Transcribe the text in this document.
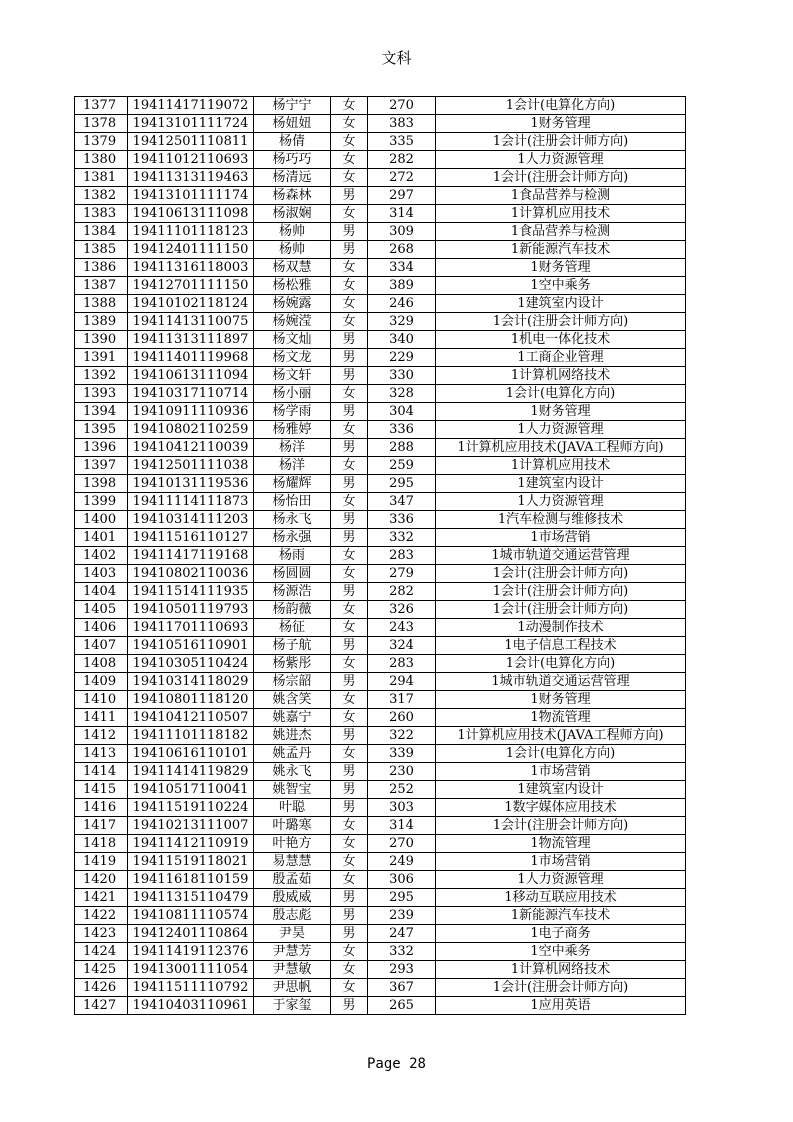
文科
1377	19411417119072	杨宁宁	女	270	1会计(电算化方向)
1378	19413101111724	杨妞妞	女	383	1财务管理
1379	19412501110811	杨倩	女	335	1会计(注册会计师方向)
1380	19411012110693	杨巧巧	女	282	1人力资源管理
1381	19411313119463	杨清远	女	272	1会计(注册会计师方向)
1382	19413101111174	杨森林	男	297	1食品营养与检测
1383	19410613111098	杨淑娴	女	314	1计算机应用技术
1384	19411101118123	杨帅	男	309	1食品营养与检测
1385	19412401111150	杨帅	男	268	1新能源汽车技术
1386	19411316118003	杨双慧	女	334	1财务管理
1387	19412701111150	杨松雅	女	389	1空中乘务
1388	19410102118124	杨婉露	女	246	1建筑室内设计
1389	19411413110075	杨婉滢	女	329	1会计(注册会计师方向)
1390	19411313111897	杨文灿	男	340	1机电一体化技术
1391	19411401119968	杨文龙	男	229	1工商企业管理
1392	19410613111094	杨文轩	男	330	1计算机网络技术
1393	19410317110714	杨小丽	女	328	1会计(电算化方向)
1394	19410911110936	杨学雨	男	304	1财务管理
1395	19410802110259	杨雅婷	女	336	1人力资源管理
1396	19410412110039	杨洋	男	288	1计算机应用技术(JAVA工程师方向)
1397	19412501111038	杨洋	女	259	1计算机应用技术
1398	19410131119536	杨耀辉	男	295	1建筑室内设计
1399	19411114111873	杨怡田	女	347	1人力资源管理
1400	19410314111203	杨永飞	男	336	1汽车检测与维修技术
1401	19411516110127	杨永强	男	332	1市场营销
1402	19411417119168	杨雨	女	283	1城市轨道交通运营管理
1403	19410802110036	杨圆圆	女	279	1会计(注册会计师方向)
1404	19411514111935	杨源浩	男	282	1会计(注册会计师方向)
1405	19410501119793	杨韵薇	女	326	1会计(注册会计师方向)
1406	19411701110693	杨征	女	243	1动漫制作技术
1407	19410516110901	杨子航	男	324	1电子信息工程技术
1408	19410305110424	杨紫彤	女	283	1会计(电算化方向)
1409	19410314118029	杨宗韶	男	294	1城市轨道交通运营管理
1410	19410801118120	姚含笑	女	317	1财务管理
1411	19410412110507	姚嘉宁	女	260	1物流管理
1412	19411101118182	姚进杰	男	322	1计算机应用技术(JAVA工程师方向)
1413	19410616110101	姚孟丹	女	339	1会计(电算化方向)
1414	19411414119829	姚永飞	男	230	1市场营销
1415	19410517110041	姚智宝	男	252	1建筑室内设计
1416	19411519110224	叶聪	男	303	1数字媒体应用技术
1417	19410213111007	叶璐寒	女	314	1会计(注册会计师方向)
1418	19411412110919	叶艳方	女	270	1物流管理
1419	19411519118021	易慧慧	女	249	1市场营销
1420	19411618110159	殷孟茹	女	306	1人力资源管理
1421	19411315110479	殷威威	男	295	1移动互联应用技术
1422	19410811110574	殷志彪	男	239	1新能源汽车技术
1423	19412401110864	尹昊	男	247	1电子商务
1424	19411419112376	尹慧芳	女	332	1空中乘务
1425	19413001111054	尹慧敏	女	293	1计算机网络技术
1426	19411511110792	尹思帆	女	367	1会计(注册会计师方向)
1427	19410403110961	于家玺	男	265	1应用英语
Page 28
